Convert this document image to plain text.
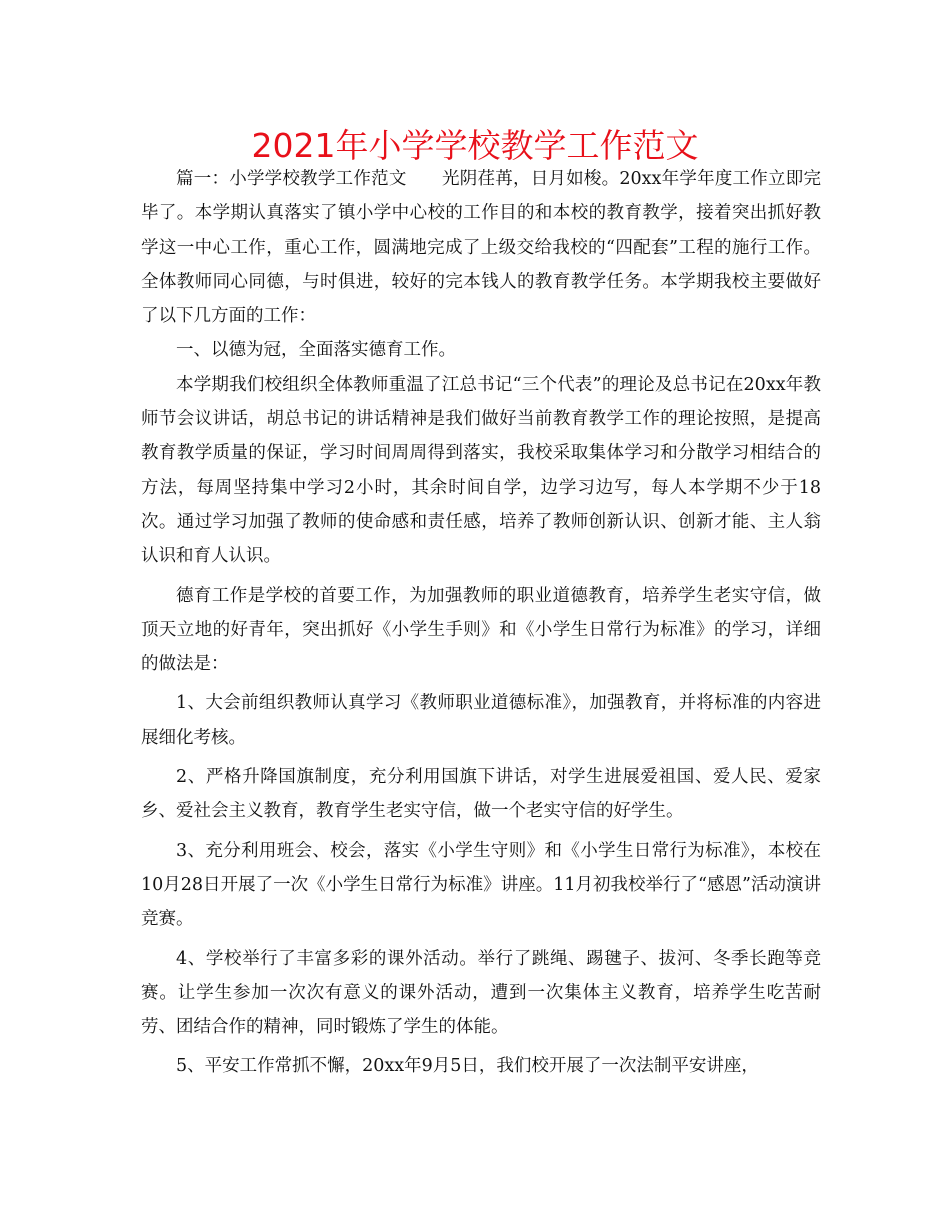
2021年小学学校教学工作范文

篇一：小学学校教学工作范文　　光阴荏苒，日月如梭。20xx年学年度工作立即完毕了。本学期认真落实了镇小学中心校的工作目的和本校的教育教学，接着突出抓好教学这一中心工作，重心工作，圆满地完成了上级交给我校的“四配套”工程的施行工作。全体教师同心同德，与时俱进，较好的完本钱人的教育教学任务。本学期我校主要做好了以下几方面的工作：

一、以德为冠，全面落实德育工作。

本学期我们校组织全体教师重温了江总书记“三个代表”的理论及总书记在20xx年教师节会议讲话，胡总书记的讲话精神是我们做好当前教育教学工作的理论按照，是提高教育教学质量的保证，学习时间周周得到落实，我校采取集体学习和分散学习相结合的方法，每周坚持集中学习2小时，其余时间自学，边学习边写，每人本学期不少于18次。通过学习加强了教师的使命感和责任感，培养了教师创新认识、创新才能、主人翁认识和育人认识。

德育工作是学校的首要工作，为加强教师的职业道德教育，培养学生老实守信，做顶天立地的好青年，突出抓好《小学生手则》和《小学生日常行为标准》的学习，详细的做法是：

1、大会前组织教师认真学习《教师职业道德标准》，加强教育，并将标准的内容进展细化考核。

2、严格升降国旗制度，充分利用国旗下讲话，对学生进展爱祖国、爱人民、爱家乡、爱社会主义教育，教育学生老实守信，做一个老实守信的好学生。

3、充分利用班会、校会，落实《小学生守则》和《小学生日常行为标准》，本校在10月28日开展了一次《小学生日常行为标准》讲座。11月初我校举行了“感恩”活动演讲竞赛。

4、学校举行了丰富多彩的课外活动。举行了跳绳、踢毽子、拔河、冬季长跑等竞赛。让学生参加一次次有意义的课外活动，遭到一次集体主义教育，培养学生吃苦耐劳、团结合作的精神，同时锻炼了学生的体能。

5、平安工作常抓不懈，20xx年9月5日，我们校开展了一次法制平安讲座，
